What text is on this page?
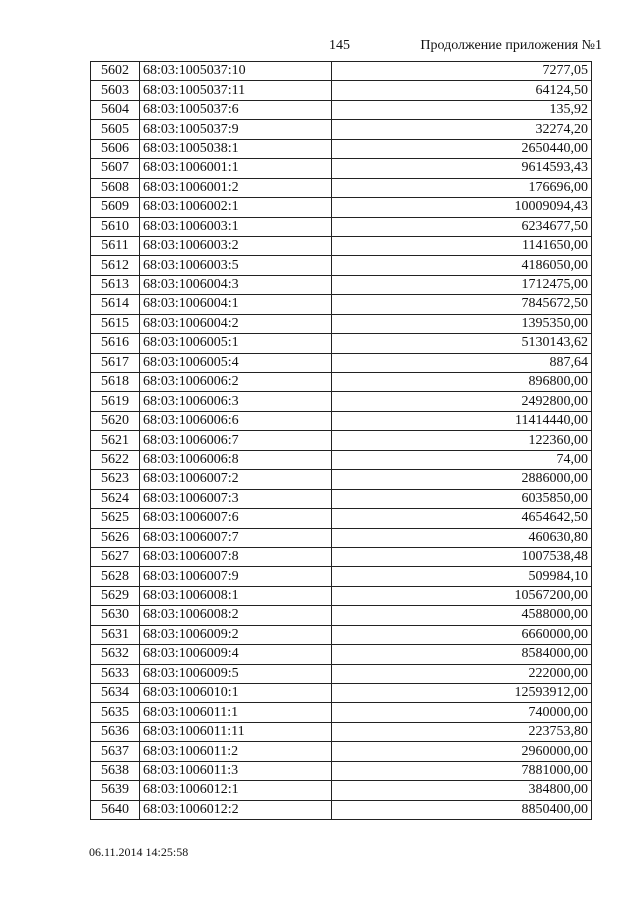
145	Продолжение приложения №1
5602	68:03:1005037:10	7277,05
5603	68:03:1005037:11	64124,50
5604	68:03:1005037:6	135,92
5605	68:03:1005037:9	32274,20
5606	68:03:1005038:1	2650440,00
5607	68:03:1006001:1	9614593,43
5608	68:03:1006001:2	176696,00
5609	68:03:1006002:1	10009094,43
5610	68:03:1006003:1	6234677,50
5611	68:03:1006003:2	1141650,00
5612	68:03:1006003:5	4186050,00
5613	68:03:1006004:3	1712475,00
5614	68:03:1006004:1	7845672,50
5615	68:03:1006004:2	1395350,00
5616	68:03:1006005:1	5130143,62
5617	68:03:1006005:4	887,64
5618	68:03:1006006:2	896800,00
5619	68:03:1006006:3	2492800,00
5620	68:03:1006006:6	11414440,00
5621	68:03:1006006:7	122360,00
5622	68:03:1006006:8	74,00
5623	68:03:1006007:2	2886000,00
5624	68:03:1006007:3	6035850,00
5625	68:03:1006007:6	4654642,50
5626	68:03:1006007:7	460630,80
5627	68:03:1006007:8	1007538,48
5628	68:03:1006007:9	509984,10
5629	68:03:1006008:1	10567200,00
5630	68:03:1006008:2	4588000,00
5631	68:03:1006009:2	6660000,00
5632	68:03:1006009:4	8584000,00
5633	68:03:1006009:5	222000,00
5634	68:03:1006010:1	12593912,00
5635	68:03:1006011:1	740000,00
5636	68:03:1006011:11	223753,80
5637	68:03:1006011:2	2960000,00
5638	68:03:1006011:3	7881000,00
5639	68:03:1006012:1	384800,00
5640	68:03:1006012:2	8850400,00
06.11.2014 14:25:58
